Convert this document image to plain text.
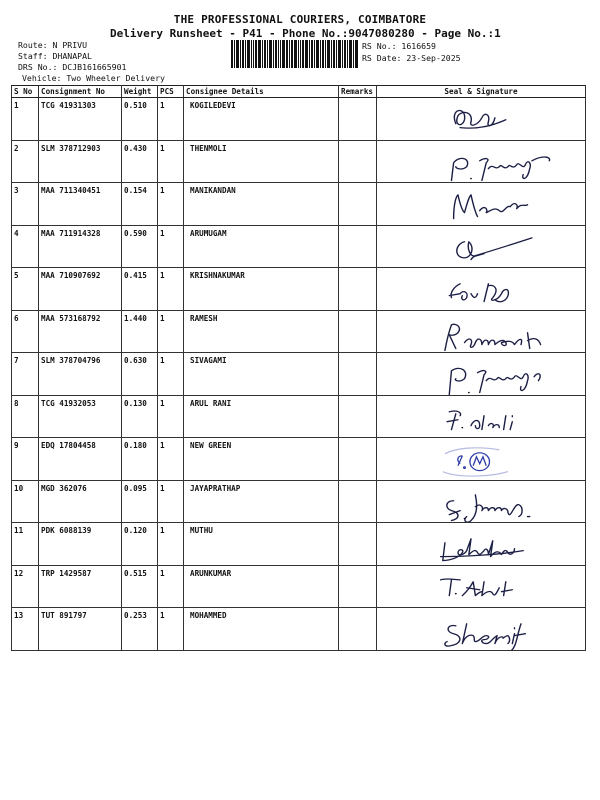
THE PROFESSIONAL COURIERS, COIMBATORE
Delivery Runsheet - P41 - Phone No.:9047080280 - Page No.:1
Route: N PRIVU
Staff: DHANAPAL
DRS No.: DCJB161665901
Vehicle: Two Wheeler Delivery
RS No.: 1616659
RS Date: 23-Sep-2025
S No	Consignment No	Weight	PCS	Consignee Details	Remarks	Seal & Signature
1	TCG 41931303	0.510	1	KOGILEDEVI		

2	SLM 378712903	0.430	1	THENMOLI		

3	MAA 711340451	0.154	1	MANIKANDAN		

4	MAA 711914328	0.590	1	ARUMUGAM		

5	MAA 710907692	0.415	1	KRISHNAKUMAR		

6	MAA 573168792	1.440	1	RAMESH		

7	SLM 378704796	0.630	1	SIVAGAMI		

8	TCG 41932053	0.130	1	ARUL RANI		

9	EDQ 17804458	0.180	1	NEW GREEN		

10	MGD 362076	0.095	1	JAYAPRATHAP		

11	PDK 6088139	0.120	1	MUTHU		

12	TRP 1429587	0.515	1	ARUNKUMAR		

13	TUT 891797	0.253	1	MOHAMMED		
